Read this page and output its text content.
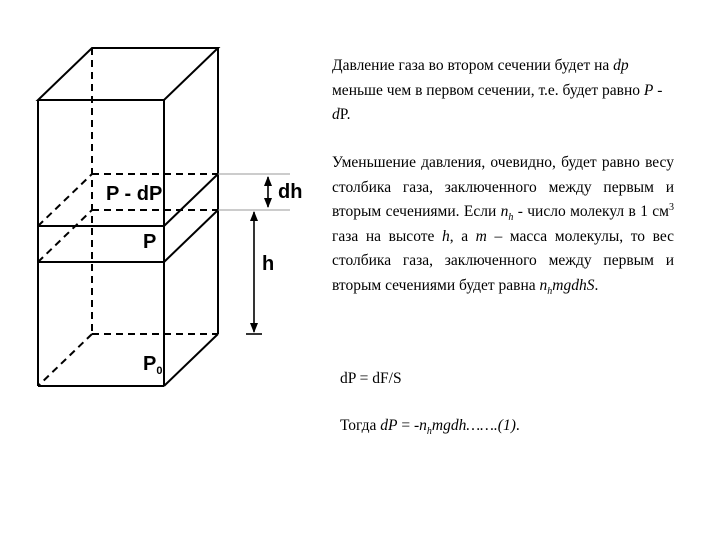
P - dP
P
$P_0$
dh
h
Давление газа во втором сечении будет на dp меньше чем в первом сечении, т.е. будет равно Р - dP.
Уменьшение давления, очевидно, будет равно весу столбика газа, заключенного между первым и вторым сечениями. Если $n_h$ - число молекул в 1 $см^3$ газа на высоте h, а m – масса молекулы, то вес столбика газа, заключенного между первым и вторым сечениями будет равна $n_hmgdhS$.
dP = dF/S
Тогда dP = $-n_hmgdh\dots\dots.(1)$.
